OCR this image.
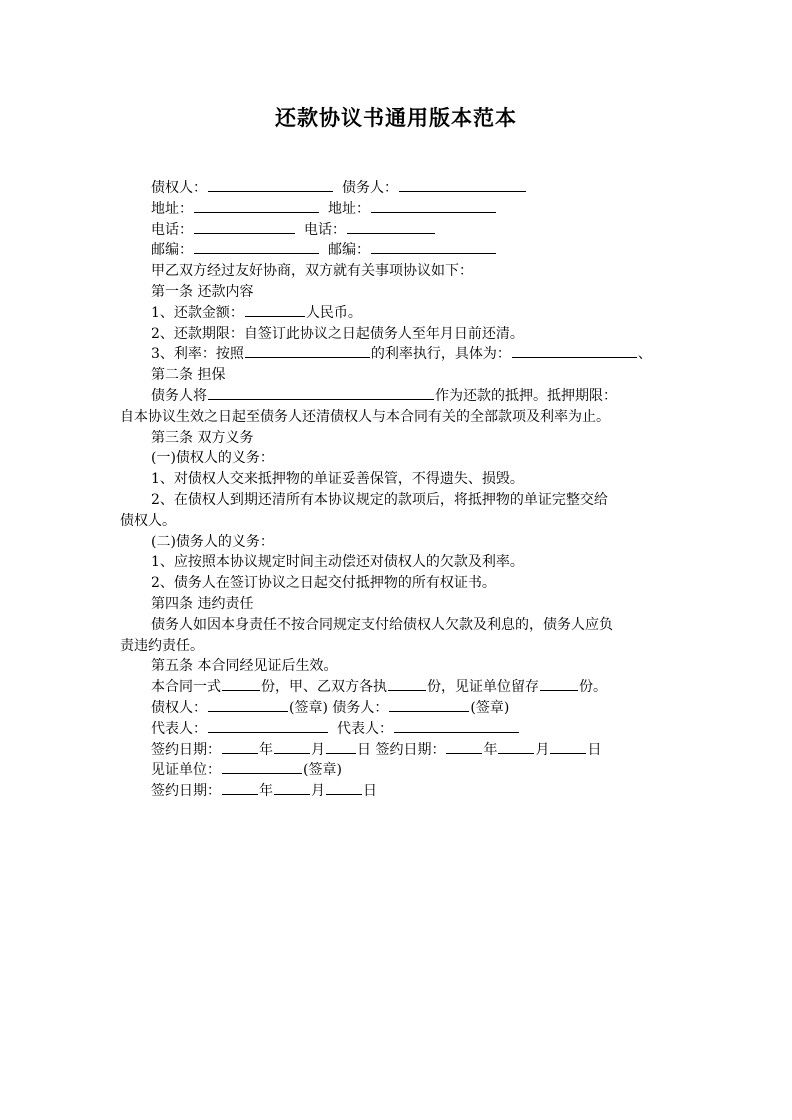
还款协议书通用版本范本
债权人：	债务人：
地址：	地址：
电话：	电话：
邮编：	邮编：
甲乙双方经过友好协商，双方就有关事项协议如下：
第一条 还款内容
1、还款金额：	人民币。
2、还款期限：自签订此协议之日起债务人至年月日前还清。
3、利率：按照	的利率执行，具体为：	、
第二条 担保
债务人将	作为还款的抵押。抵押期限：
自本协议生效之日起至债务人还清债权人与本合同有关的全部款项及利率为止。
第三条 双方义务
(一)债权人的义务：
1、对债权人交来抵押物的单证妥善保管，不得遗失、损毁。
2、在债权人到期还清所有本协议规定的款项后，将抵押物的单证完整交给
债权人。
(二)债务人的义务：
1、应按照本协议规定时间主动偿还对债权人的欠款及利率。
2、债务人在签订协议之日起交付抵押物的所有权证书。
第四条 违约责任
债务人如因本身责任不按合同规定支付给债权人欠款及利息的，债务人应负
责违约责任。
第五条 本合同经见证后生效。
本合同一式	份，甲、乙双方各执	份，见证单位留存	份。
债权人：	(签章) 债务人：	(签章)
代表人：	代表人：
签约日期：	年	月 日 签约日期：	年	月	日
见证单位：	(签章)
签约日期：	年	月	日
